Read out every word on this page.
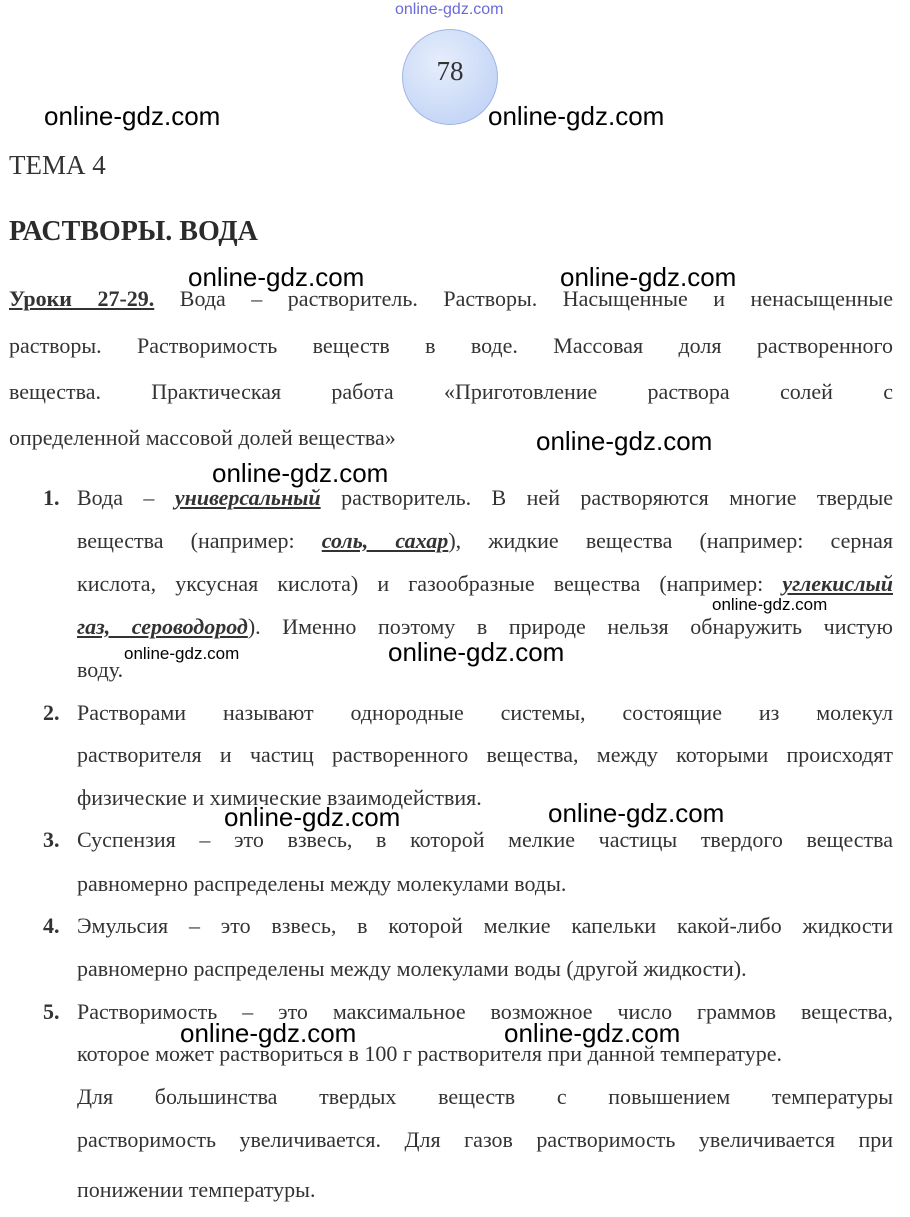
online-gdz.com
78
ТЕМА 4
РАСТВОРЫ. ВОДА
Уроки 27-29. Вода – растворитель. Растворы. Насыщенные и ненасыщенные
растворы. Растворимость веществ в воде. Массовая доля растворенного
вещества. Практическая работа «Приготовление раствора солей с
определенной массовой долей вещества»
1. Вода – универсальный растворитель. В ней растворяются многие твердые
вещества (например: соль, сахар), жидкие вещества (например: серная
кислота, уксусная кислота) и газообразные вещества (например: углекислый
газ, сероводород). Именно поэтому в природе нельзя обнаружить чистую
воду.
2. Растворами называют однородные системы, состоящие из молекул
растворителя и частиц растворенного вещества, между которыми происходят
физические и химические взаимодействия.
3. Суспензия – это взвесь, в которой мелкие частицы твердого вещества
равномерно распределены между молекулами воды.
4. Эмульсия – это взвесь, в которой мелкие капельки какой-либо жидкости
равномерно распределены между молекулами воды (другой жидкости).
5. Растворимость – это максимальное возможное число граммов вещества,
которое может раствориться в 100 г растворителя при данной температуре.
Для большинства твердых веществ с повышением температуры
растворимость увеличивается. Для газов растворимость увеличивается при
понижении температуры.
online-gdz.com	online-gdz.com
online-gdz.com	online-gdz.com
online-gdz.com
online-gdz.com
online-gdz.com
online-gdz.com	online-gdz.com
online-gdz.com
online-gdz.com
online-gdz.com	online-gdz.com
